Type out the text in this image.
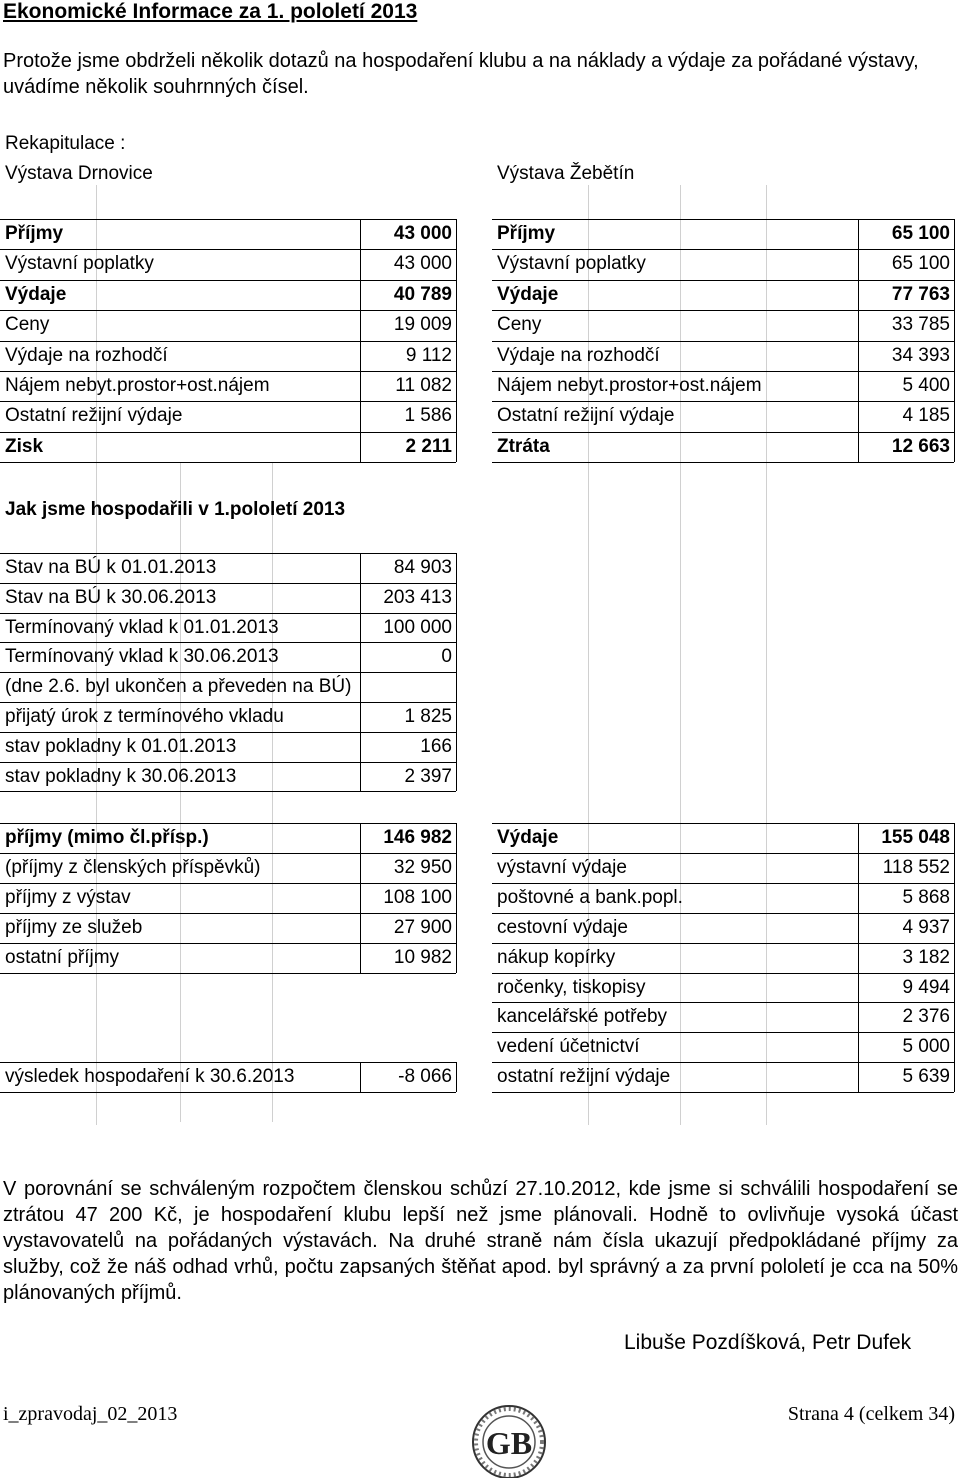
Ekonomické Informace za 1. pololetí 2013
Protože jsme obdrželi několik dotazů na hospodaření klubu a na náklady a výdaje za pořádané výstavy, uvádíme několik souhrnných čísel.
Rekapitulace :
Výstava Drnovice	Výstava Žebětín
Příjmy	43 000
Výstavní poplatky	43 000
Výdaje	40 789
Ceny	19 009
Výdaje na rozhodčí	9 112
Nájem nebyt.prostor+ost.nájem	11 082
Ostatní režijní výdaje	1 586
Zisk	2 211
Příjmy	65 100
Výstavní poplatky	65 100
Výdaje	77 763
Ceny	33 785
Výdaje na rozhodčí	34 393
Nájem nebyt.prostor+ost.nájem	5 400
Ostatní režijní výdaje	4 185
Ztráta	12 663
Jak jsme hospodařili v 1.pololetí 2013
Stav na BÚ k 01.01.2013	84 903
Stav na BÚ k 30.06.2013	203 413
Termínovaný vklad k 01.01.2013	100 000
Termínovaný vklad k 30.06.2013	0
(dne 2.6. byl ukončen a převeden na BÚ)
přijatý úrok z termínového vkladu	1 825
stav pokladny k 01.01.2013	166
stav pokladny k 30.06.2013	2 397
příjmy (mimo čl.přísp.)	146 982
(příjmy z členských příspěvků)	32 950
příjmy z výstav	108 100
příjmy ze služeb	27 900
ostatní příjmy	10 982
výsledek hospodaření k 30.6.2013	-8 066
Výdaje	155 048
výstavní výdaje	118 552
poštovné a bank.popl.	5 868
cestovní výdaje	4 937
nákup kopírky	3 182
ročenky, tiskopisy	9 494
kancelářské potřeby	2 376
vedení účetnictví	5 000
ostatní režijní výdaje	5 639
V porovnání se schváleným rozpočtem členskou schůzí 27.10.2012, kde jsme si schválili hospodaření se ztrátou 47 200 Kč, je hospodaření klubu lepší než jsme plánovali. Hodně to ovlivňuje vysoká účast vystavovatelů na pořádaných výstavách. Na druhé straně nám čísla ukazují předpokládané příjmy za služby, což že náš odhad vrhů, počtu zapsaných štěňat apod. byl správný a za první pololetí je cca na 50% plánovaných příjmů.
Libuše Pozdíšková, Petr Dufek
i_zpravodaj_02_2013
GB
Strana 4 (celkem 34)
